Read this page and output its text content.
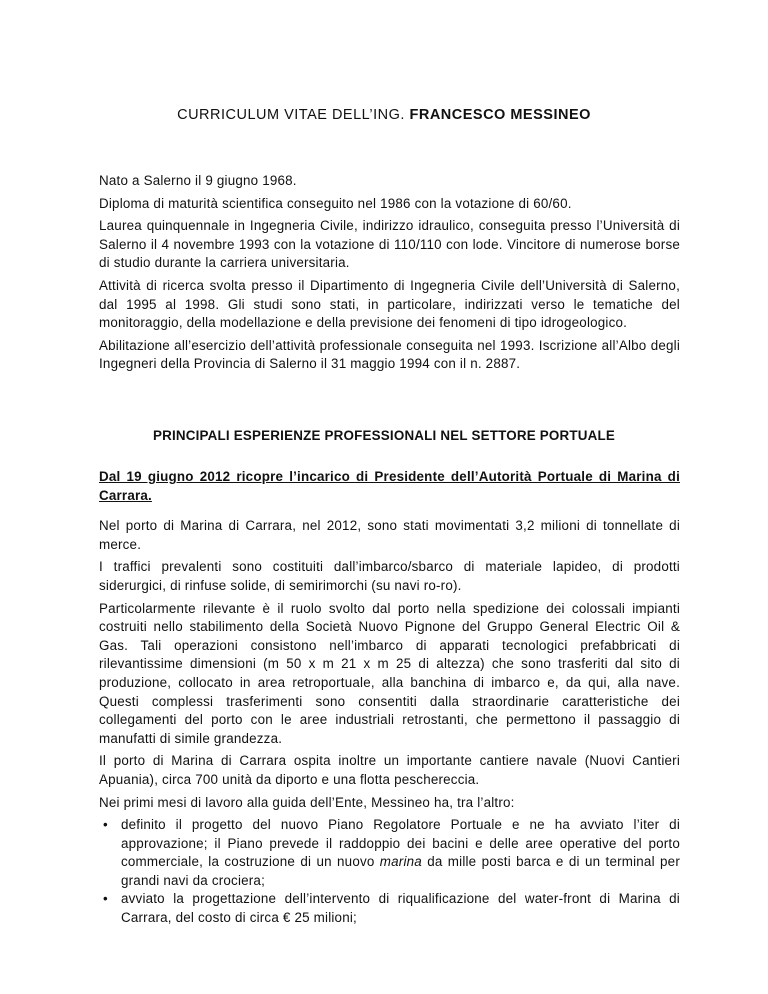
CURRICULUM VITAE DELL’ING. FRANCESCO MESSINEO

Nato a Salerno il 9 giugno 1968.

Diploma di maturità scientifica conseguito nel 1986 con la votazione di 60/60.

Laurea quinquennale in Ingegneria Civile, indirizzo idraulico, conseguita presso l’Università di Salerno il 4 novembre 1993 con la votazione di 110/110 con lode. Vincitore di numerose borse di studio durante la carriera universitaria.

Attività di ricerca svolta presso il Dipartimento di Ingegneria Civile dell’Università di Salerno, dal 1995 al 1998. Gli studi sono stati, in particolare, indirizzati verso le tematiche del monitoraggio, della modellazione e della previsione dei fenomeni di tipo idrogeologico.

Abilitazione all’esercizio dell’attività professionale conseguita nel 1993. Iscrizione all’Albo degli Ingegneri della Provincia di Salerno il 31 maggio 1994 con il n. 2887.

PRINCIPALI ESPERIENZE PROFESSIONALI NEL SETTORE PORTUALE

Dal 19 giugno 2012 ricopre l’incarico di Presidente dell’Autorità Portuale di Marina di Carrara.

Nel porto di Marina di Carrara, nel 2012, sono stati movimentati 3,2 milioni di tonnellate di merce.

I traffici prevalenti sono costituiti dall’imbarco/sbarco di materiale lapideo, di prodotti siderurgici, di rinfuse solide, di semirimorchi (su navi ro-ro).

Particolarmente rilevante è il ruolo svolto dal porto nella spedizione dei colossali impianti costruiti nello stabilimento della Società Nuovo Pignone del Gruppo General Electric Oil & Gas. Tali operazioni consistono nell’imbarco di apparati tecnologici prefabbricati di rilevantissime dimensioni (m 50 x m 21 x m 25 di altezza) che sono trasferiti dal sito di produzione, collocato in area retroportuale, alla banchina di imbarco e, da qui, alla nave. Questi complessi trasferimenti sono consentiti dalla straordinarie caratteristiche dei collegamenti del porto con le aree industriali retrostanti, che permettono il passaggio di manufatti di simile grandezza.

Il porto di Marina di Carrara ospita inoltre un importante cantiere navale (Nuovi Cantieri Apuania), circa 700 unità da diporto e una flotta peschereccia.

Nei primi mesi di lavoro alla guida dell’Ente, Messineo ha, tra l’altro:

• definito il progetto del nuovo Piano Regolatore Portuale e ne ha avviato l’iter di approvazione; il Piano prevede il raddoppio dei bacini e delle aree operative del porto commerciale, la costruzione di un nuovo marina da mille posti barca e di un terminal per grandi navi da crociera;
• avviato la progettazione dell’intervento di riqualificazione del water-front di Marina di Carrara, del costo di circa € 25 milioni;
